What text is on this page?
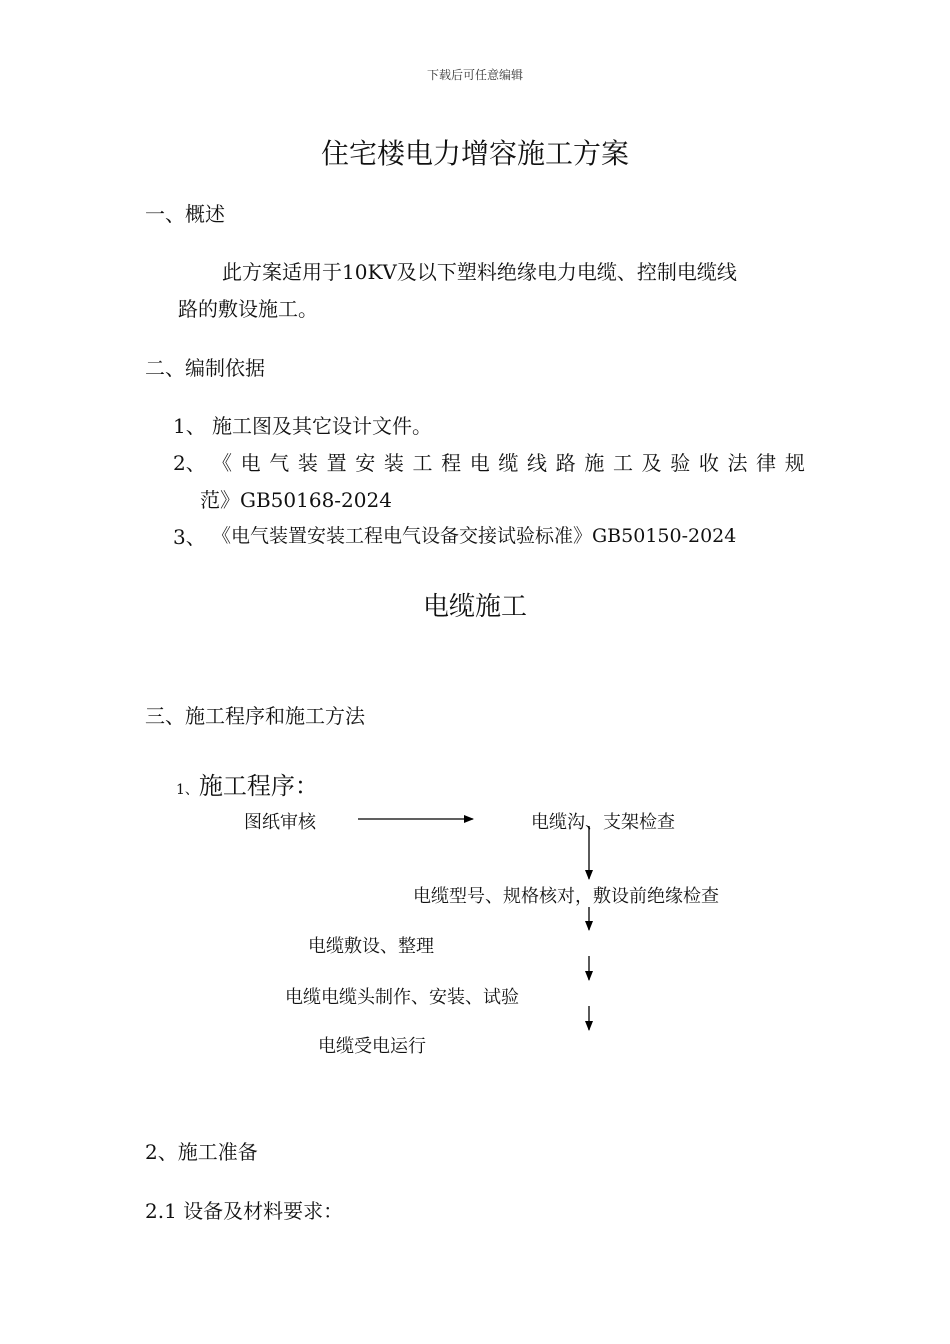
下载后可任意编辑
住宅楼电力增容施工方案
一、概述
此方案适用于10KV及以下塑料绝缘电力电缆、控制电缆线
路的敷设施工。
二、编制依据
1、 施工图及其它设计文件。
2、 《 电 气 装 置 安 装 工 程 电 缆 线 路 施 工 及 验 收 法 律 规
范》GB50168-2024
3、 《电气装置安装工程电气设备交接试验标准》GB50150-2024
电缆施工
三、施工程序和施工方法
1、施工程序：
图纸审核	电缆沟、支架检查
电缆型号、规格核对，敷设前绝缘检查
电缆敷设、整理
电缆电缆头制作、安装、试验
电缆受电运行
2、施工准备
2.1 设备及材料要求：
